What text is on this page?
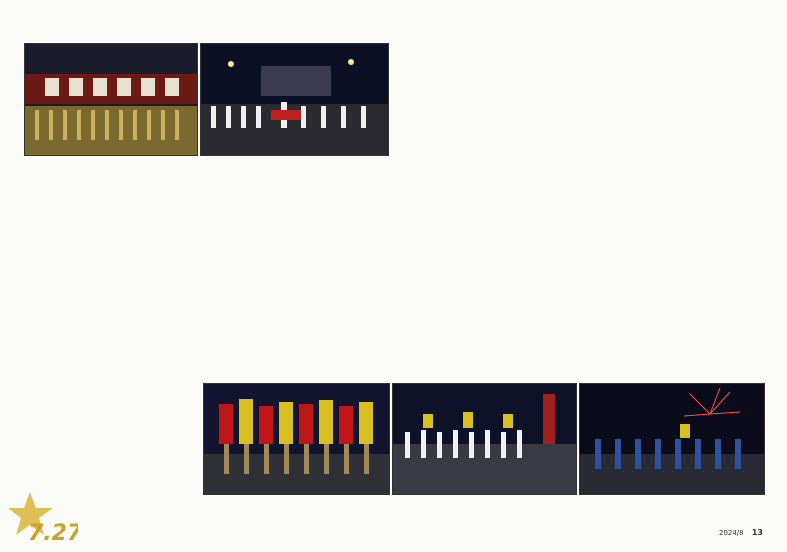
7.27	2024/8 13
